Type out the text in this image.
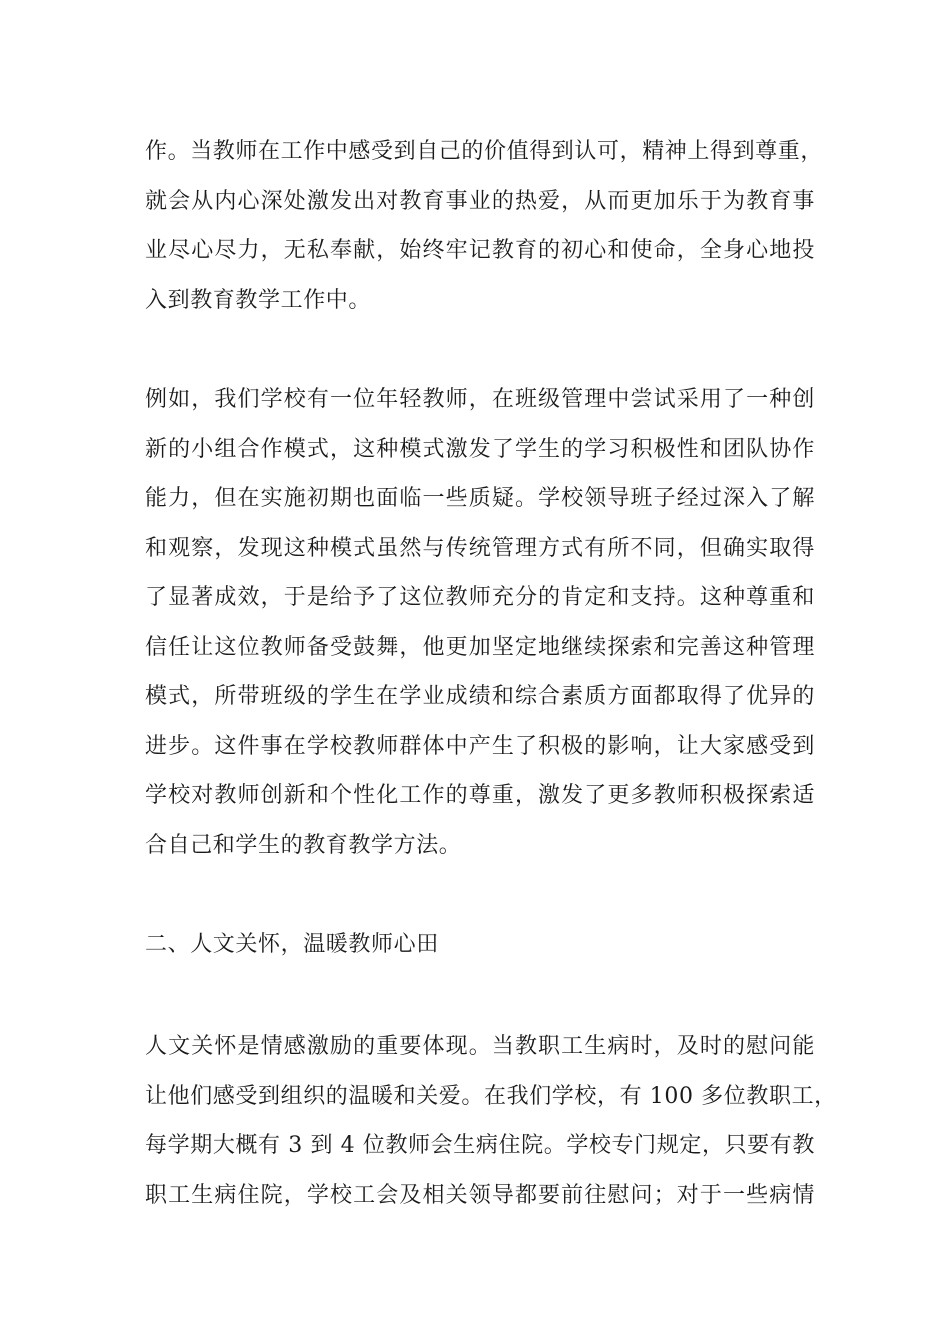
作。当教师在工作中感受到自己的价值得到认可，精神上得到尊重，
就会从内心深处激发出对教育事业的热爱，从而更加乐于为教育事
业尽心尽力，无私奉献，始终牢记教育的初心和使命，全身心地投
入到教育教学工作中。
例如，我们学校有一位年轻教师，在班级管理中尝试采用了一种创
新的小组合作模式，这种模式激发了学生的学习积极性和团队协作
能力，但在实施初期也面临一些质疑。学校领导班子经过深入了解
和观察，发现这种模式虽然与传统管理方式有所不同，但确实取得
了显著成效，于是给予了这位教师充分的肯定和支持。这种尊重和
信任让这位教师备受鼓舞，他更加坚定地继续探索和完善这种管理
模式，所带班级的学生在学业成绩和综合素质方面都取得了优异的
进步。这件事在学校教师群体中产生了积极的影响，让大家感受到
学校对教师创新和个性化工作的尊重，激发了更多教师积极探索适
合自己和学生的教育教学方法。
二、人文关怀，温暖教师心田
人文关怀是情感激励的重要体现。当教职工生病时，及时的慰问能
让他们感受到组织的温暖和关爱。在我们学校，有 100 多位教职工，
每学期大概有 3 到 4 位教师会生病住院。学校专门规定，只要有教
职工生病住院，学校工会及相关领导都要前往慰问；对于一些病情
